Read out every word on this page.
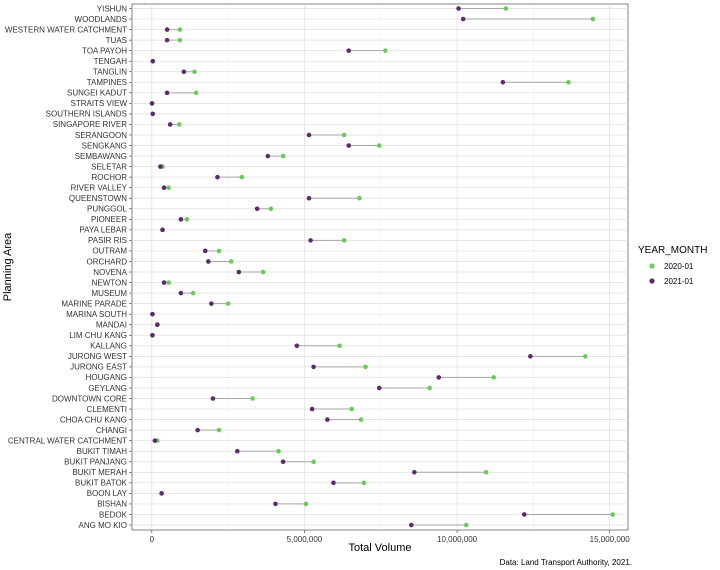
ANG MO KIO
BEDOK
BISHAN
BOON LAY
BUKIT BATOK
BUKIT MERAH
BUKIT PANJANG
BUKIT TIMAH
CENTRAL WATER CATCHMENT
CHANGI
CHOA CHU KANG
CLEMENTI
DOWNTOWN CORE
GEYLANG
HOUGANG
JURONG EAST
JURONG WEST
KALLANG
LIM CHU KANG
MANDAI
MARINA SOUTH
MARINE PARADE
MUSEUM
NEWTON
NOVENA
ORCHARD
OUTRAM
PASIR RIS
PAYA LEBAR
PIONEER
PUNGGOL
QUEENSTOWN
RIVER VALLEY
ROCHOR
SELETAR
SEMBAWANG
SENGKANG
SERANGOON
SINGAPORE RIVER
SOUTHERN ISLANDS
STRAITS VIEW
SUNGEI KADUT
TAMPINES
TANGLIN
TENGAH
TOA PAYOH
TUAS
WESTERN WATER CATCHMENT
WOODLANDS
YISHUN
0	5,000,000	10,000,000	15,000,000
Total Volume
Planning Area	YEAR_MONTH
2020-01
2021-01
Data: Land Transport Authority, 2021.
